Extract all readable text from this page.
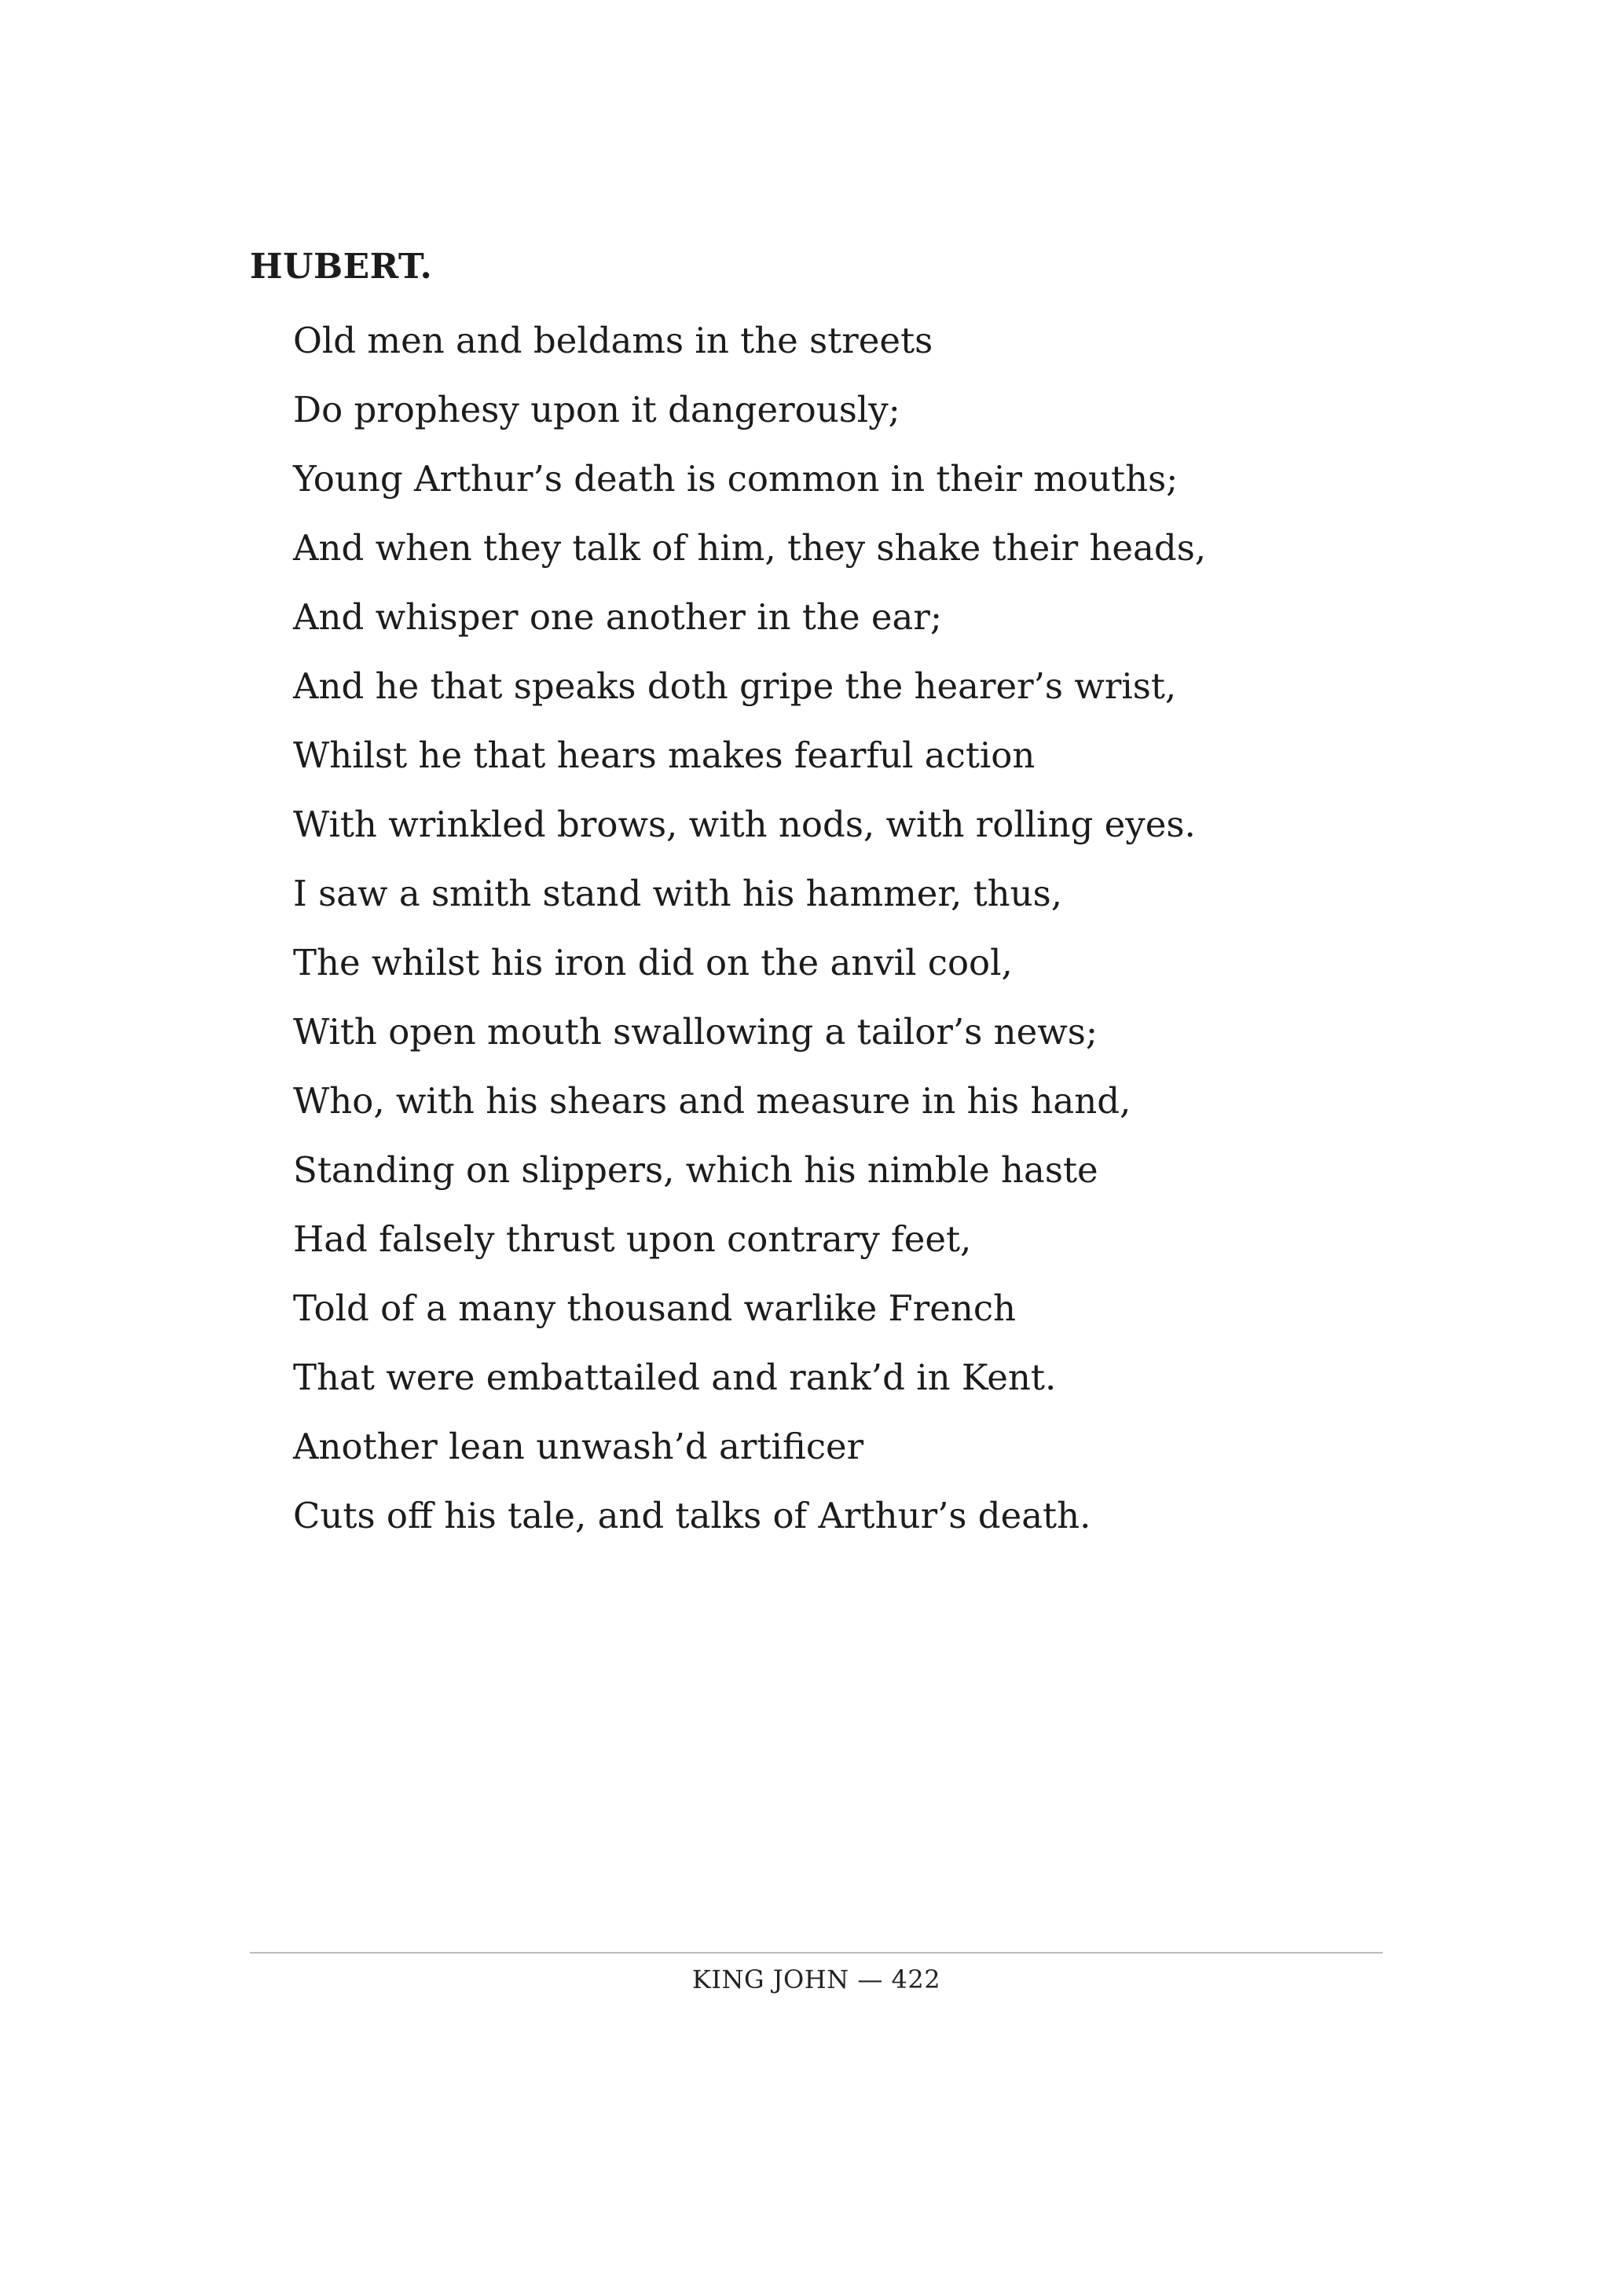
HUBERT.

Old men and beldams in the streets
Do prophesy upon it dangerously;
Young Arthur’s death is common in their mouths;
And when they talk of him, they shake their heads,
And whisper one another in the ear;
And he that speaks doth gripe the hearer’s wrist,
Whilst he that hears makes fearful action
With wrinkled brows, with nods, with rolling eyes.
I saw a smith stand with his hammer, thus,
The whilst his iron did on the anvil cool,
With open mouth swallowing a tailor’s news;
Who, with his shears and measure in his hand,
Standing on slippers, which his nimble haste
Had falsely thrust upon contrary feet,
Told of a many thousand warlike French
That were embattailed and rank’d in Kent.
Another lean unwash’d artificer
Cuts off his tale, and talks of Arthur’s death.
KING JOHN — 422
